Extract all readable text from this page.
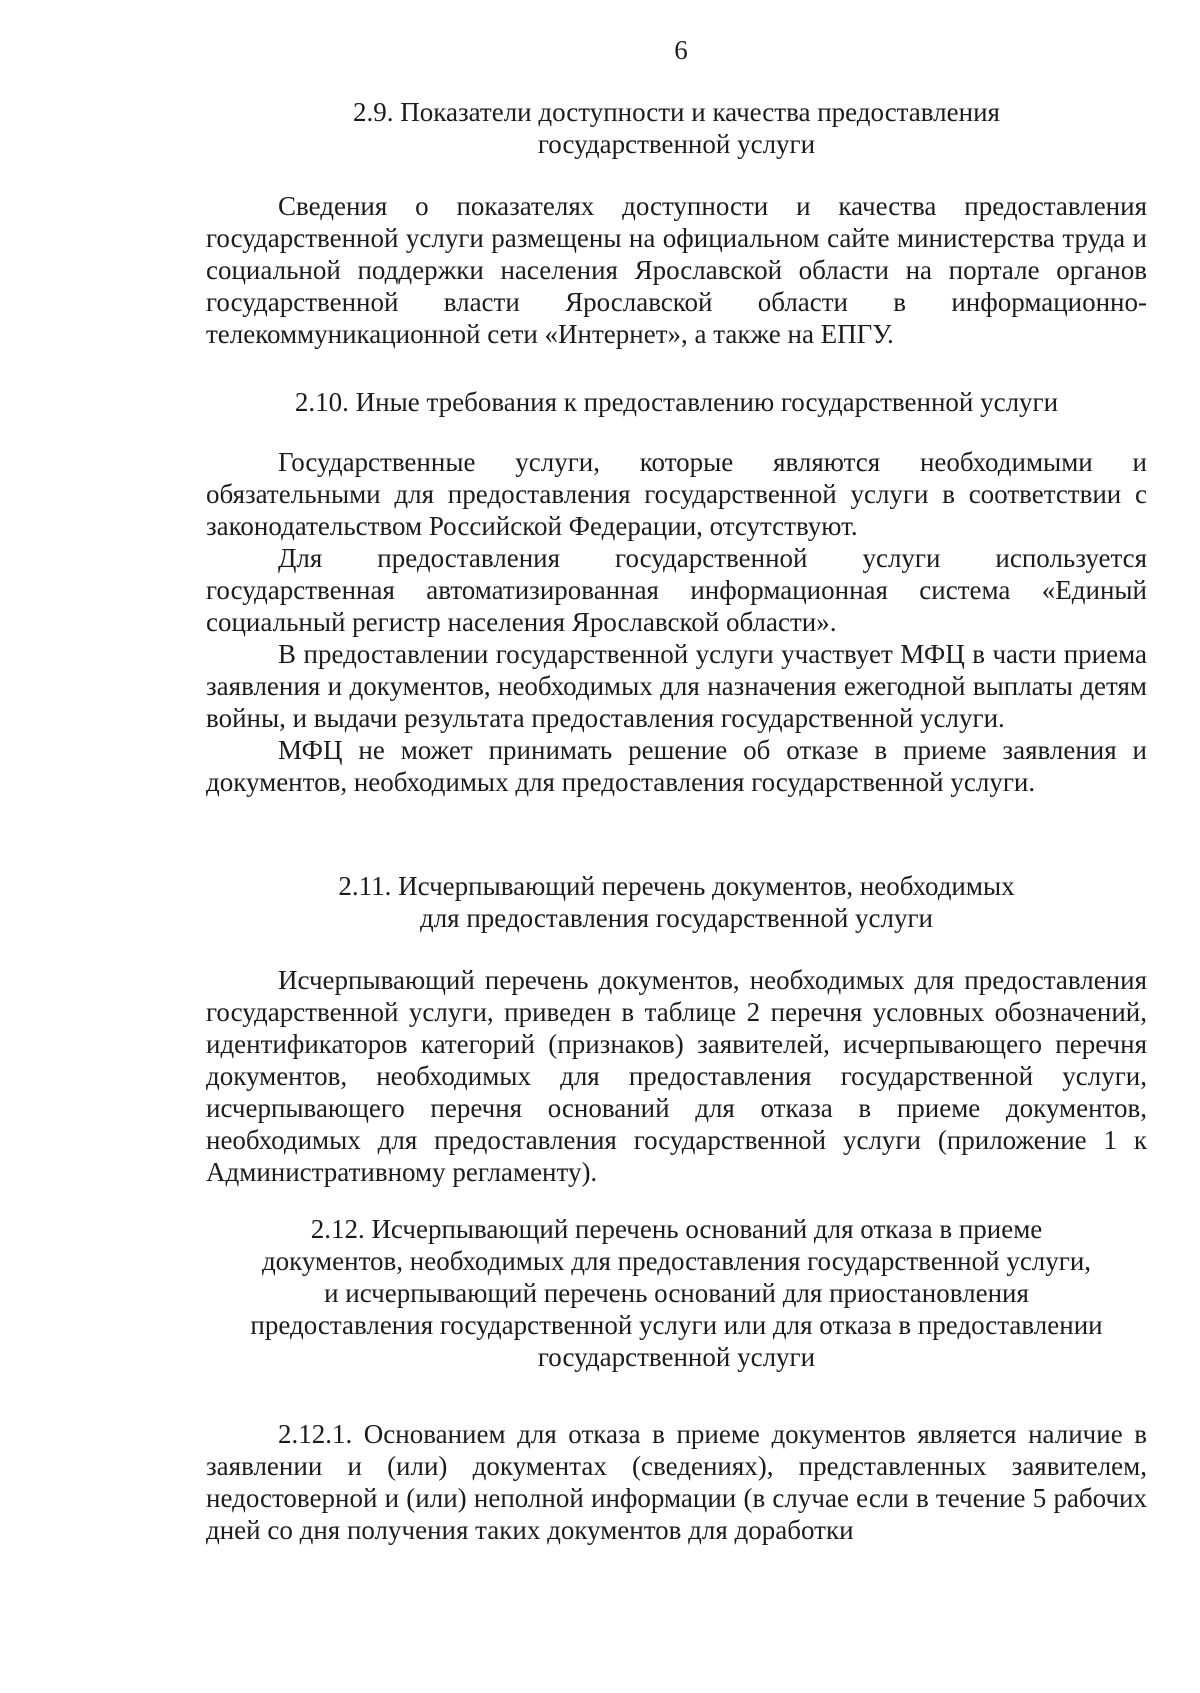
6
2.9. Показатели доступности и качества предоставления
государственной услуги

Сведения о показателях доступности и качества предоставления государственной услуги размещены на официальном сайте министерства труда и социальной поддержки населения Ярославской области на портале органов государственной власти Ярославской области в информационно-телекоммуникационной сети «Интернет», а также на ЕПГУ.

2.10. Иные требования к предоставлению государственной услуги

Государственные услуги, которые являются необходимыми и обязательными для предоставления государственной услуги в соответствии с законодательством Российской Федерации, отсутствуют.

Для предоставления государственной услуги используется государственная автоматизированная информационная система «Единый социальный регистр населения Ярославской области».

В предоставлении государственной услуги участвует МФЦ в части приема заявления и документов, необходимых для назначения ежегодной выплаты детям войны, и выдачи результата предоставления государственной услуги.

МФЦ не может принимать решение об отказе в приеме заявления и документов, необходимых для предоставления государственной услуги.

2.11. Исчерпывающий перечень документов, необходимых
для предоставления государственной услуги

Исчерпывающий перечень документов, необходимых для предоставления государственной услуги, приведен в таблице 2 перечня условных обозначений, идентификаторов категорий (признаков) заявителей, исчерпывающего перечня документов, необходимых для предоставления государственной услуги, исчерпывающего перечня оснований для отказа в приеме документов, необходимых для предоставления государственной услуги (приложение 1 к Административному регламенту).

2.12. Исчерпывающий перечень оснований для отказа в приеме
документов, необходимых для предоставления государственной услуги,
и исчерпывающий перечень оснований для приостановления
предоставления государственной услуги или для отказа в предоставлении
государственной услуги

2.12.1. Основанием для отказа в приеме документов является наличие в заявлении и (или) документах (сведениях), представленных заявителем, недостоверной и (или) неполной информации (в случае если в течение 5 рабочих дней со дня получения таких документов для доработки
